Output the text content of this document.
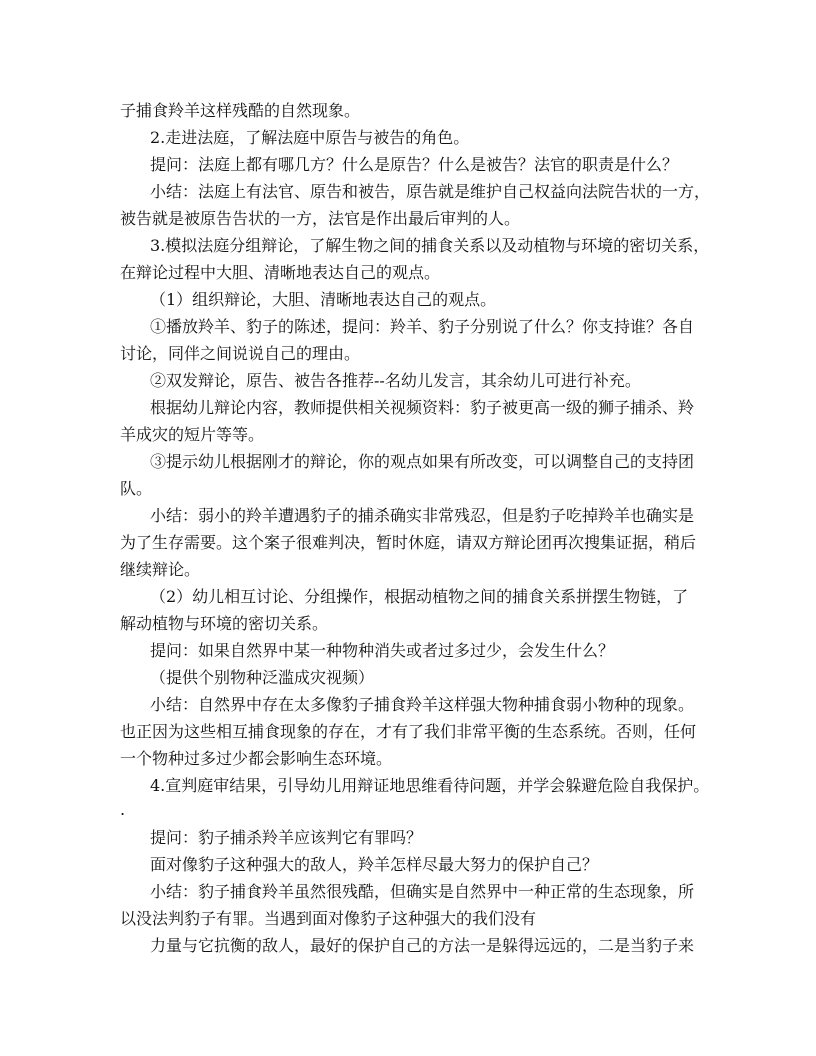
子捕食羚羊这样残酷的自然现象。
2.走进法庭，了解法庭中原告与被告的角色。
提问：法庭上都有哪几方？什么是原告？什么是被告？法官的职责是什么？
小结：法庭上有法官、原告和被告，原告就是维护自己权益向法院告状的一方，
被告就是被原告告状的一方，法官是作出最后审判的人。
3.模拟法庭分组辩论，了解生物之间的捕食关系以及动植物与环境的密切关系，
在辩论过程中大胆、清晰地表达自己的观点。
（1）组织辩论，大胆、清晰地表达自己的观点。
①播放羚羊、豹子的陈述，提问：羚羊、豹子分别说了什么？你支持谁？各自
讨论，同伴之间说说自己的理由。
②双发辩论，原告、被告各推荐--名幼儿发言，其余幼儿可进行补充。
根据幼儿辩论内容，教师提供相关视频资料：豹子被更高一级的狮子捕杀、羚
羊成灾的短片等等。
③提示幼儿根据刚才的辩论，你的观点如果有所改变，可以调整自己的支持团
队。
小结：弱小的羚羊遭遇豹子的捕杀确实非常残忍，但是豹子吃掉羚羊也确实是
为了生存需要。这个案子很难判决，暂时休庭，请双方辩论团再次搜集证据，稍后
继续辩论。
（2）幼儿相互讨论、分组操作，根据动植物之间的捕食关系拼摆生物链，了
解动植物与环境的密切关系。
提问：如果自然界中某一种物种消失或者过多过少，会发生什么？
（提供个别物种泛滥成灾视频）
小结：自然界中存在太多像豹子捕食羚羊这样强大物种捕食弱小物种的现象。
也正因为这些相互捕食现象的存在，才有了我们非常平衡的生态系统。否则，任何
一个物种过多过少都会影响生态环境。
4.宣判庭审结果，引导幼儿用辩证地思维看待问题，并学会躲避危险自我保护。
.
提问：豹子捕杀羚羊应该判它有罪吗？
面对像豹子这种强大的敌人，羚羊怎样尽最大努力的保护自己？
小结：豹子捕食羚羊虽然很残酷，但确实是自然界中一种正常的生态现象，所
以没法判豹子有罪。当遇到面对像豹子这种强大的我们没有
力量与它抗衡的敌人，最好的保护自己的方法一是躲得远远的，二是当豹子来
